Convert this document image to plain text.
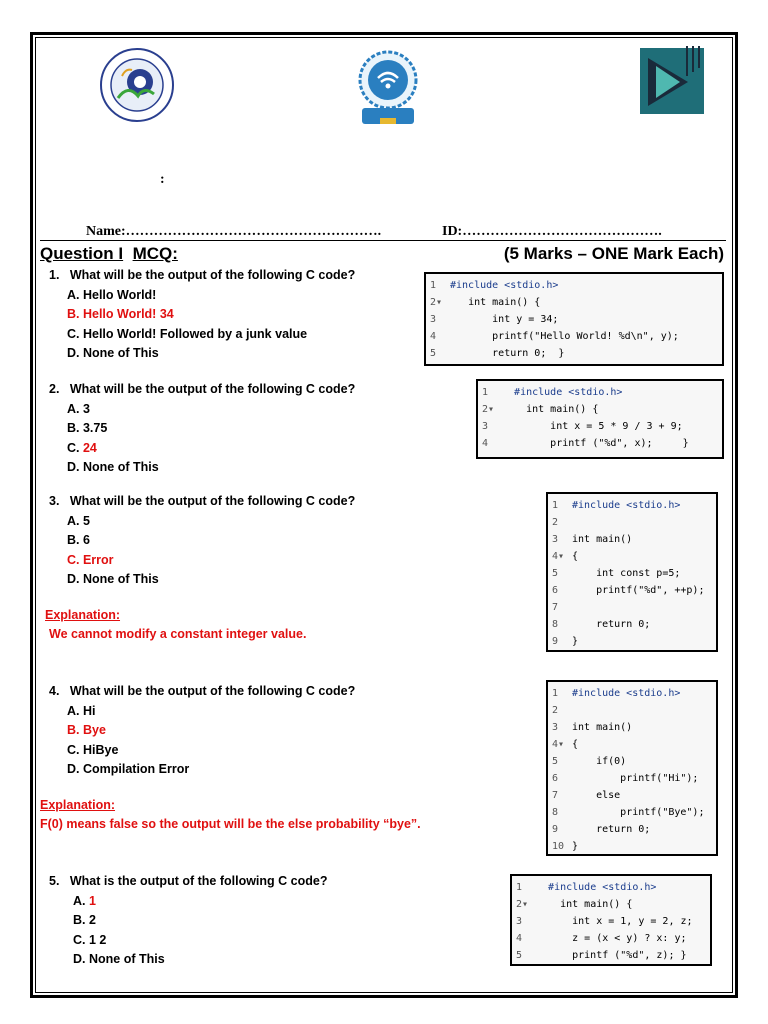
:
Name:……………………………………………….	ID:…………………………………….
Question I MCQ:	(5 Marks – ONE Mark Each)
1. What will be the output of the following C code?
A. Hello World!
B. Hello World! 34
C. Hello World! Followed by a junk value
D. None of This
1 #include <stdio.h>
2▾	int main() {
3	int y = 34;
4	printf("Hello World! %d\n", y);
5	return 0;  }
2. What will be the output of the following C code?
A. 3
B. 3.75
C. 24
D. None of This
1	#include <stdio.h>
2▾	int main() {
3	int x = 5 * 9 / 3 + 9;
4	printf ("%d", x);     }
3. What will be the output of the following C code?
A. 5
B. 6
C. Error
D. None of This
Explanation:
We cannot modify a constant integer value.
1 #include <stdio.h>
2
3 int main()
4▾ {
5	int const p=5;
6	printf("%d", ++p);
7
8	return 0;
9 }
4. What will be the output of the following C code?
A. Hi
B. Bye
C. HiBye
D. Compilation Error
Explanation:
F(0) means false so the output will be the else probability “bye”.
1 #include <stdio.h>
2
3 int main()
4▾ {
5	if(0)
6	printf("Hi");
7	else
8	printf("Bye");
9	return 0;
10 }
5. What is the output of the following C code?
A. 1
B. 2
C. 1 2
D. None of This
1	#include <stdio.h>
2▾	int main() {
3	int x = 1, y = 2, z;
4	z = (x < y) ? x: y;
5	printf ("%d", z); }
